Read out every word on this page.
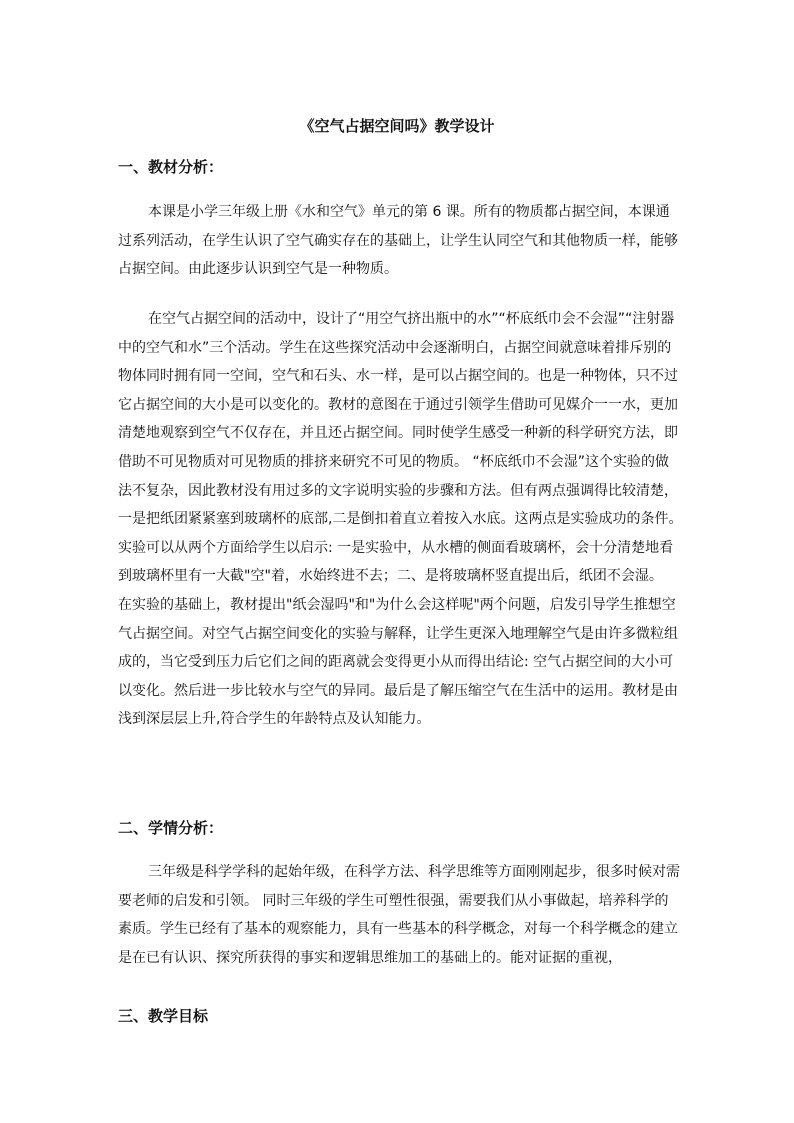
《空气占据空间吗》教学设计
一、教材分析：

本课是小学三年级上册《水和空气》单元的第 6 课。所有的物质都占据空间，本课通
过系列活动，在学生认识了空气确实存在的基础上，让学生认同空气和其他物质一样，能够
占据空间。由此逐步认识到空气是一种物质。

在空气占据空间的活动中，设计了“用空气挤出瓶中的水”“杯底纸巾会不会湿”“注射器
中的空气和水”三个活动。学生在这些探究活动中会逐渐明白，占据空间就意味着排斥别的
物体同时拥有同一空间，空气和石头、水一样，是可以占据空间的。也是一种物体，只不过
它占据空间的大小是可以变化的。教材的意图在于通过引领学生借助可见媒介一一水，更加
清楚地观察到空气不仅存在，并且还占据空间。同时使学生感受一种新的科学研究方法，即
借助不可见物质对可见物质的排挤来研究不可见的物质。 “杯底纸巾不会湿”这个实验的做
法不复杂，因此教材没有用过多的文字说明实验的步骤和方法。但有两点强调得比较清楚，
一是把纸团紧紧塞到玻璃杯的底部,二是倒扣着直立着按入水底。这两点是实验成功的条件。
实验可以从两个方面给学生以启示: 一是实验中，从水槽的侧面看玻璃杯，会十分清楚地看
到玻璃杯里有一大截"空"着，水始终进不去；二、是将玻璃杯竖直提出后，纸团不会湿。
在实验的基础上，教材提出"纸会湿吗"和"为什么会这样呢"两个问题，启发引导学生推想空
气占据空间。对空气占据空间变化的实验与解释，让学生更深入地理解空气是由许多微粒组
成的，当它受到压力后它们之间的距离就会变得更小从而得出结论: 空气占据空间的大小可
以变化。然后进一步比较水与空气的异同。最后是了解压缩空气在生活中的运用。教材是由
浅到深层层上升,符合学生的年龄特点及认知能力。

二、学情分析：

三年级是科学学科的起始年级，在科学方法、科学思维等方面刚刚起步，很多时候对需
要老师的启发和引领。 同时三年级的学生可塑性很强，需要我们从小事做起，培养科学的
素质。学生已经有了基本的观察能力，具有一些基本的科学概念，对每一个科学概念的建立
是在已有认识、探究所获得的事实和逻辑思维加工的基础上的。能对证据的重视，

三、教学目标
